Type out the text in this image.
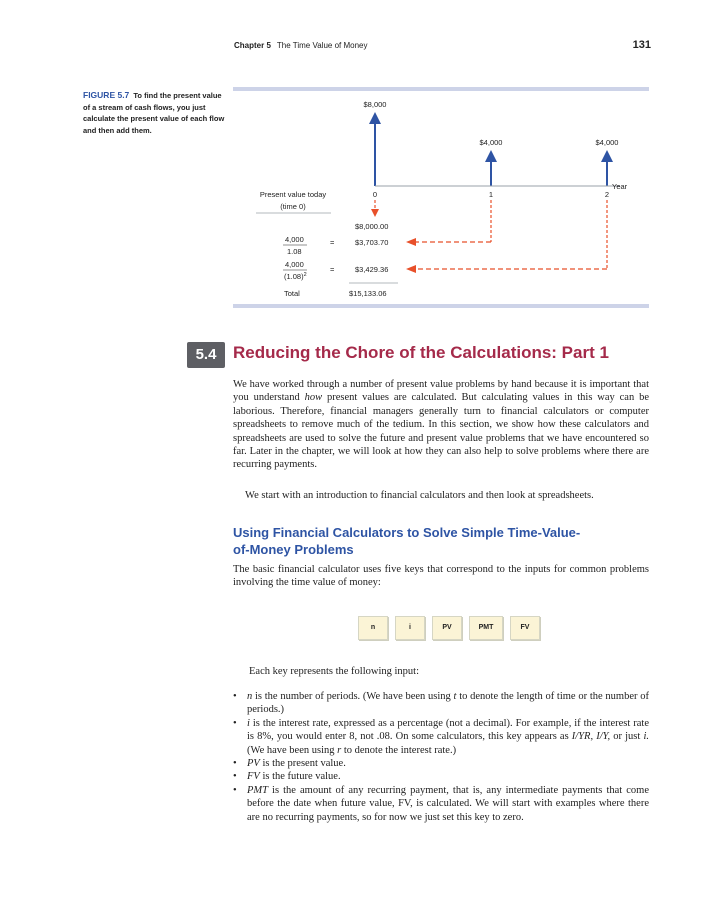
Chapter 5 The Time Value of Money	131
FIGURE 5.7 To find the present value of a stream of cash flows, you just calculate the present value of each flow and then add them.
$8,000
$4,000	$4,000
Year
0	1	2
Present value today
(time 0)
$8,000.00
4,000
1.08
=	$3,703.70
4,000
$(1.08)^2$
=	$3,429.36
Total	$15,133.06
5.4 Reducing the Chore of the Calculations: Part 1

We have worked through a number of present value problems by hand because it is important that you understand how present values are calculated. But calculating values in this way can be laborious. Therefore, financial managers generally turn to financial calculators or computer spreadsheets to remove much of the tedium. In this section, we show how these calculators and spreadsheets are used to solve the future and present value problems that we have encountered so far. Later in the chapter, we will look at how they can also help to solve problems where there are recurring payments.

We start with an introduction to financial calculators and then look at spreadsheets.

Using Financial Calculators to Solve Simple Time-Value-of-Money Problems

The basic financial calculator uses five keys that correspond to the inputs for common problems involving the time value of money:

n	i	PV	PMT	FV

Each key represents the following input:

• n is the number of periods. (We have been using t to denote the length of time or the number of periods.)
• i is the interest rate, expressed as a percentage (not a decimal). For example, if the interest rate is 8%, you would enter 8, not .08. On some calculators, this key appears as I/YR, I/Y, or just i. (We have been using r to denote the interest rate.)
• PV is the present value.
• FV is the future value.
• PMT is the amount of any recurring payment, that is, any intermediate payments that come before the date when future value, FV, is calculated. We will start with examples where there are no recurring payments, so for now we just set this key to zero.
